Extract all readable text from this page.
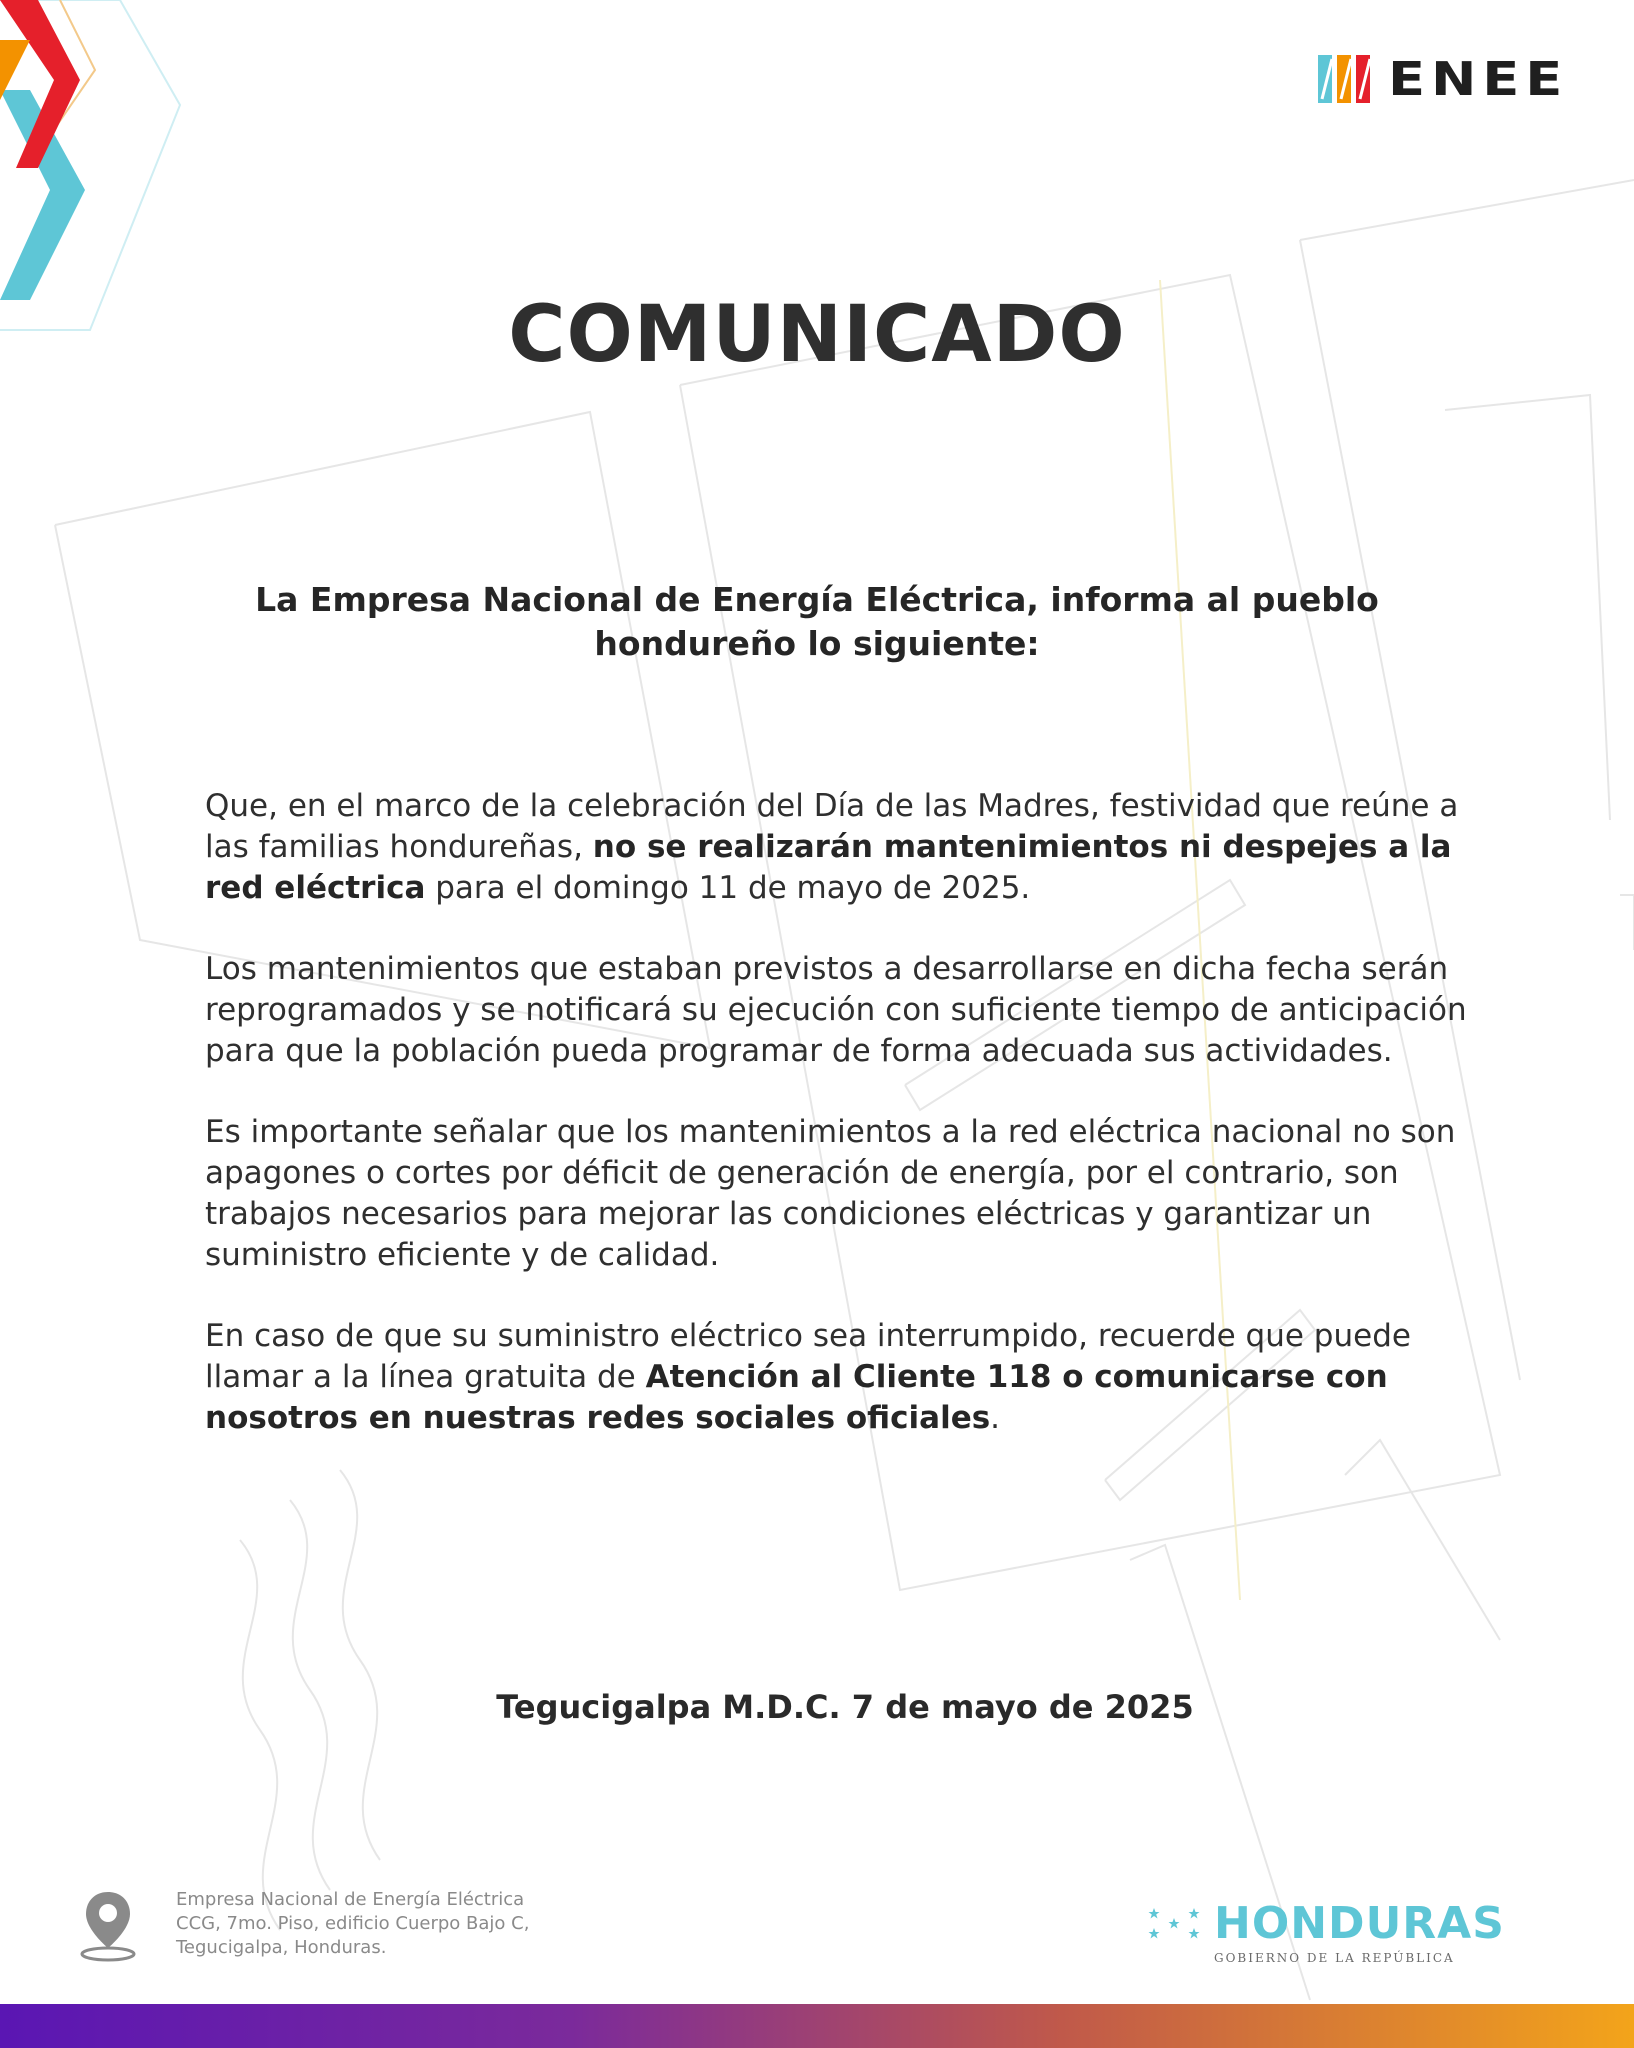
ENEE
COMUNICADO
La Empresa Nacional de Energía Eléctrica, informa al pueblo
hondureño lo siguiente:

Que, en el marco de la celebración del Día de las Madres, festividad que reúne a las familias hondureñas, no se realizarán mantenimientos ni despejes a la red eléctrica para el domingo 11 de mayo de 2025.

Los mantenimientos que estaban previstos a desarrollarse en dicha fecha serán reprogramados y se notificará su ejecución con suficiente tiempo de anticipación para que la población pueda programar de forma adecuada sus actividades.

Es importante señalar que los mantenimientos a la red eléctrica nacional no son apagones o cortes por déficit de generación de energía, por el contrario, son trabajos necesarios para mejorar las condiciones eléctricas y garantizar un suministro eficiente y de calidad.

En caso de que su suministro eléctrico sea interrumpido, recuerde que puede llamar a la línea gratuita de Atención al Cliente 118 o comunicarse con nosotros en nuestras redes sociales oficiales.

Tegucigalpa M.D.C. 7 de mayo de 2025
Empresa Nacional de Energía Eléctrica
CCG, 7mo. Piso, edificio Cuerpo Bajo C,
Tegucigalpa, Honduras.	HONDURAS
GOBIERNO DE LA REPÚBLICA
